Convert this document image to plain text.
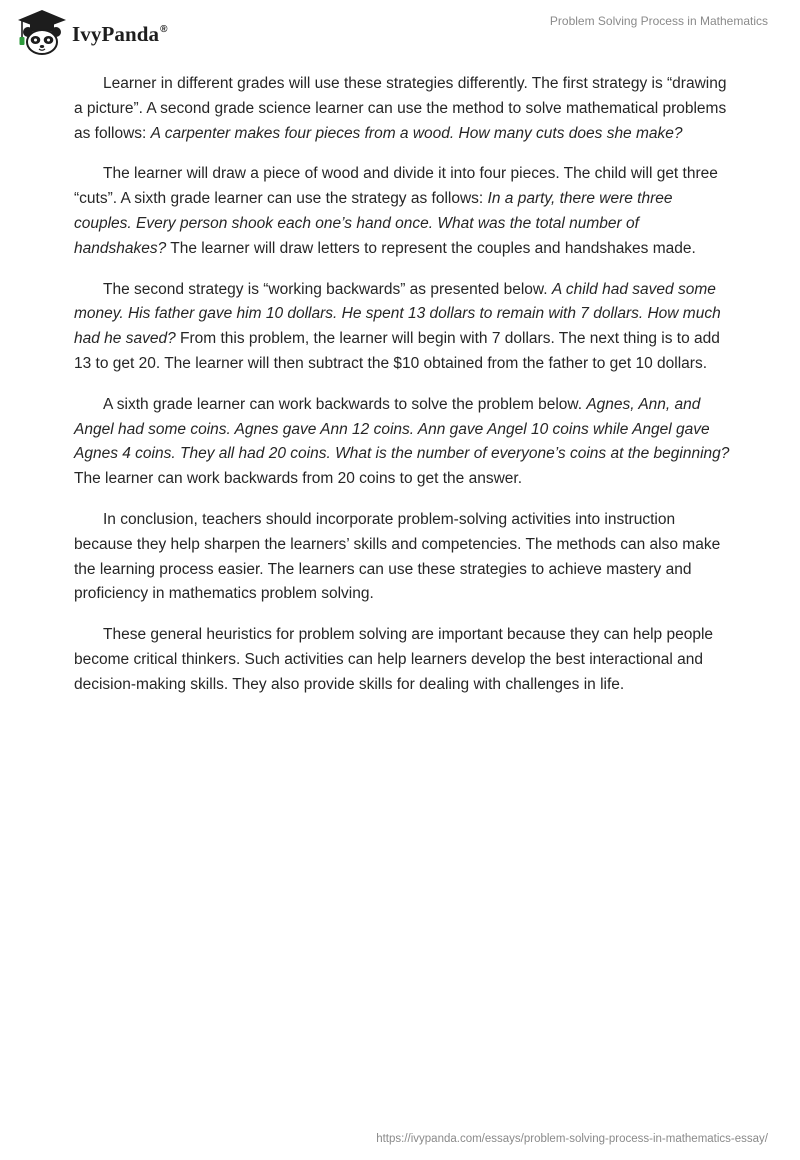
IvyPanda®
Problem Solving Process in Mathematics

Learner in different grades will use these strategies differently. The first strategy is “drawing a picture”. A second grade science learner can use the method to solve mathematical problems as follows: A carpenter makes four pieces from a wood. How many cuts does she make?

The learner will draw a piece of wood and divide it into four pieces. The child will get three “cuts”. A sixth grade learner can use the strategy as follows: In a party, there were three couples. Every person shook each one’s hand once. What was the total number of handshakes? The learner will draw letters to represent the couples and handshakes made.

The second strategy is “working backwards” as presented below. A child had saved some money. His father gave him 10 dollars. He spent 13 dollars to remain with 7 dollars. How much had he saved? From this problem, the learner will begin with 7 dollars. The next thing is to add 13 to get 20. The learner will then subtract the $10 obtained from the father to get 10 dollars.

A sixth grade learner can work backwards to solve the problem below. Agnes, Ann, and Angel had some coins. Agnes gave Ann 12 coins. Ann gave Angel 10 coins while Angel gave Agnes 4 coins. They all had 20 coins. What is the number of everyone’s coins at the beginning? The learner can work backwards from 20 coins to get the answer.

In conclusion, teachers should incorporate problem-solving activities into instruction because they help sharpen the learners’ skills and competencies. The methods can also make the learning process easier. The learners can use these strategies to achieve mastery and proficiency in mathematics problem solving.

These general heuristics for problem solving are important because they can help people become critical thinkers. Such activities can help learners develop the best interactional and decision-making skills. They also provide skills for dealing with challenges in life.

https://ivypanda.com/essays/problem-solving-process-in-mathematics-essay/
